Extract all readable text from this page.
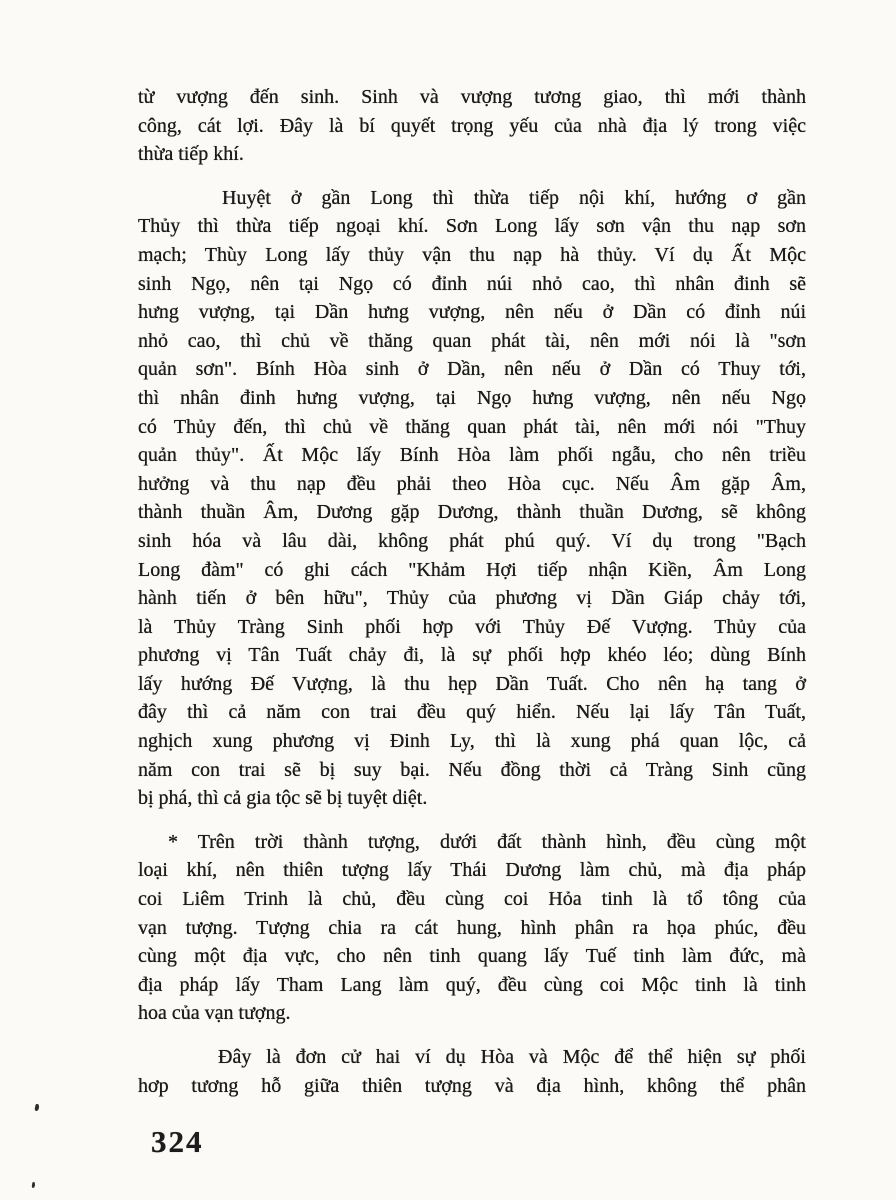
từ vượng đến sinh. Sinh và vượng tương giao, thì mới thành
công, cát lợi. Đây là bí quyết trọng yếu của nhà địa lý trong việc
thừa tiếp khí.
Huyệt ở gần Long thì thừa tiếp nội khí, hướng ơ gần
Thủy thì thừa tiếp ngoại khí. Sơn Long lấy sơn vận thu nạp sơn
mạch; Thùy Long lấy thủy vận thu nạp hà thủy. Ví dụ Ất Mộc
sinh Ngọ, nên tại Ngọ có đỉnh núi nhỏ cao, thì nhân đinh sẽ
hưng vượng, tại Dần hưng vượng, nên nếu ở Dần có đỉnh núi
nhỏ cao, thì chủ về thăng quan phát tài, nên mới nói là "sơn
quản sơn". Bính Hòa sinh ở Dần, nên nếu ở Dần có Thuy tới,
thì nhân đinh hưng vượng, tại Ngọ hưng vượng, nên nếu Ngọ
có Thủy đến, thì chủ về thăng quan phát tài, nên mới nói "Thuy
quản thủy". Ất Mộc lấy Bính Hòa làm phối ngẫu, cho nên triều
hưởng và thu nạp đều phải theo Hòa cục. Nếu Âm gặp Âm,
thành thuần Âm, Dương gặp Dương, thành thuần Dương, sẽ không
sinh hóa và lâu dài, không phát phú quý. Ví dụ trong "Bạch
Long đàm" có ghi cách "Khảm Hợi tiếp nhận Kiền, Âm Long
hành tiến ở bên hữu", Thủy của phương vị Dần Giáp chảy tới,
là Thủy Tràng Sinh phối hợp với Thủy Đế Vượng. Thủy của
phương vị Tân Tuất chảy đi, là sự phối hợp khéo léo; dùng Bính
lấy hướng Đế Vượng, là thu hẹp Dần Tuất. Cho nên hạ tang ở
đây thì cả năm con trai đều quý hiển. Nếu lại lấy Tân Tuất,
nghịch xung phương vị Đinh Ly, thì là xung phá quan lộc, cả
năm con trai sẽ bị suy bại. Nếu đồng thời cả Tràng Sinh cũng
bị phá, thì cả gia tộc sẽ bị tuyệt diệt.
* Trên trời thành tượng, dưới đất thành hình, đều cùng một
loại khí, nên thiên tượng lấy Thái Dương làm chủ, mà địa pháp
coi Liêm Trinh là chủ, đều cùng coi Hỏa tinh là tổ tông của
vạn tượng. Tượng chia ra cát hung, hình phân ra họa phúc, đều
cùng một địa vực, cho nên tinh quang lấy Tuế tinh làm đức, mà
địa pháp lấy Tham Lang làm quý, đều cùng coi Mộc tinh là tinh
hoa của vạn tượng.
Đây là đơn cử hai ví dụ Hòa và Mộc để thể hiện sự phối
hơp tương hỗ giữa thiên tượng và địa hình, không thể phân
324
